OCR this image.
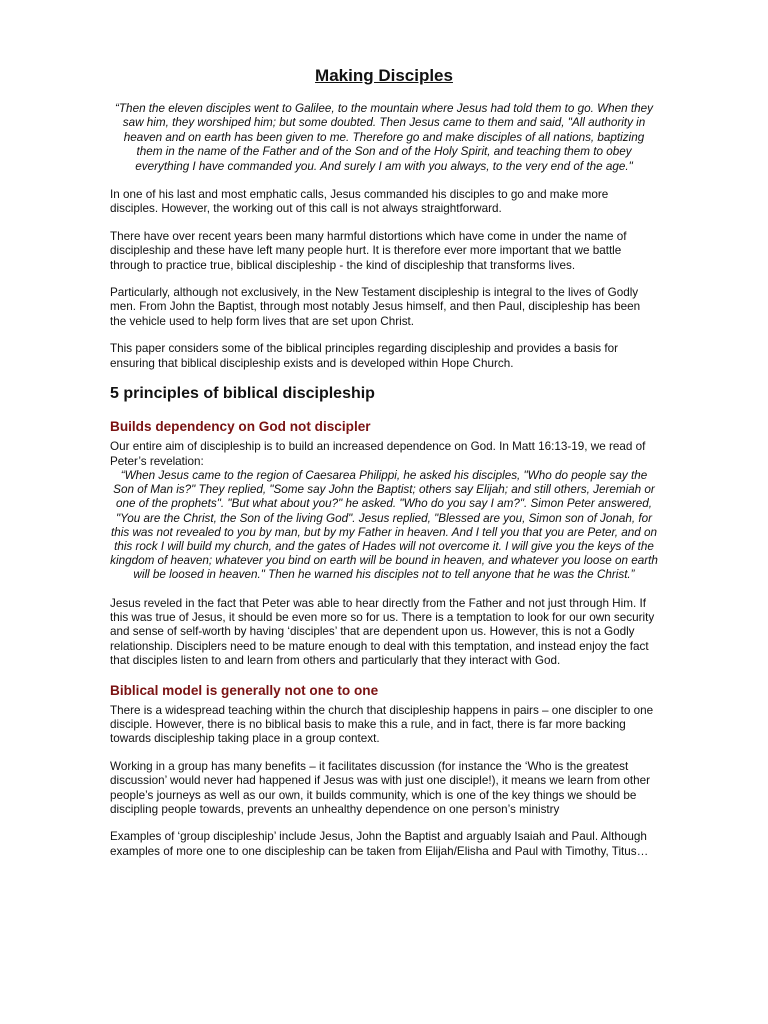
Making Disciples

“Then the eleven disciples went to Galilee, to the mountain where Jesus had told them to go. When they saw him, they worshiped him; but some doubted. Then Jesus came to them and said, "All authority in heaven and on earth has been given to me. Therefore go and make disciples of all nations, baptizing them in the name of the Father and of the Son and of the Holy Spirit, and teaching them to obey everything I have commanded you. And surely I am with you always, to the very end of the age."

In one of his last and most emphatic calls, Jesus commanded his disciples to go and make more disciples. However, the working out of this call is not always straightforward.

There have over recent years been many harmful distortions which have come in under the name of discipleship and these have left many people hurt. It is therefore ever more important that we battle through to practice true, biblical discipleship - the kind of discipleship that transforms lives.

Particularly, although not exclusively, in the New Testament discipleship is integral to the lives of Godly men. From John the Baptist, through most notably Jesus himself, and then Paul, discipleship has been the vehicle used to help form lives that are set upon Christ.

This paper considers some of the biblical principles regarding discipleship and provides a basis for ensuring that biblical discipleship exists and is developed within Hope Church.

5 principles of biblical discipleship
Builds dependency on God not discipler

Our entire aim of discipleship is to build an increased dependence on God. In Matt 16:13-19, we read of Peter’s revelation:

“When Jesus came to the region of Caesarea Philippi, he asked his disciples, "Who do people say the Son of Man is?" They replied, "Some say John the Baptist; others say Elijah; and still others, Jeremiah or one of the prophets". "But what about you?" he asked. "Who do you say I am?". Simon Peter answered, "You are the Christ, the Son of the living God". Jesus replied, "Blessed are you, Simon son of Jonah, for this was not revealed to you by man, but by my Father in heaven. And I tell you that you are Peter, and on this rock I will build my church, and the gates of Hades will not overcome it. I will give you the keys of the kingdom of heaven; whatever you bind on earth will be bound in heaven, and whatever you loose on earth will be loosed in heaven." Then he warned his disciples not to tell anyone that he was the Christ.”

Jesus reveled in the fact that Peter was able to hear directly from the Father and not just through Him. If this was true of Jesus, it should be even more so for us. There is a temptation to look for our own security and sense of self-worth by having ‘disciples’ that are dependent upon us. However, this is not a Godly relationship. Disciplers need to be mature enough to deal with this temptation, and instead enjoy the fact that disciples listen to and learn from others and particularly that they interact with God.

Biblical model is generally not one to one

There is a widespread teaching within the church that discipleship happens in pairs – one discipler to one disciple. However, there is no biblical basis to make this a rule, and in fact, there is far more backing towards discipleship taking place in a group context.

Working in a group has many benefits – it facilitates discussion (for instance the ‘Who is the greatest discussion’ would never had happened if Jesus was with just one disciple!), it means we learn from other people’s journeys as well as our own, it builds community, which is one of the key things we should be discipling people towards, prevents an unhealthy dependence on one person’s ministry

Examples of ‘group discipleship’ include Jesus, John the Baptist and arguably Isaiah and Paul. Although examples of more one to one discipleship can be taken from Elijah/Elisha and Paul with Timothy, Titus…
